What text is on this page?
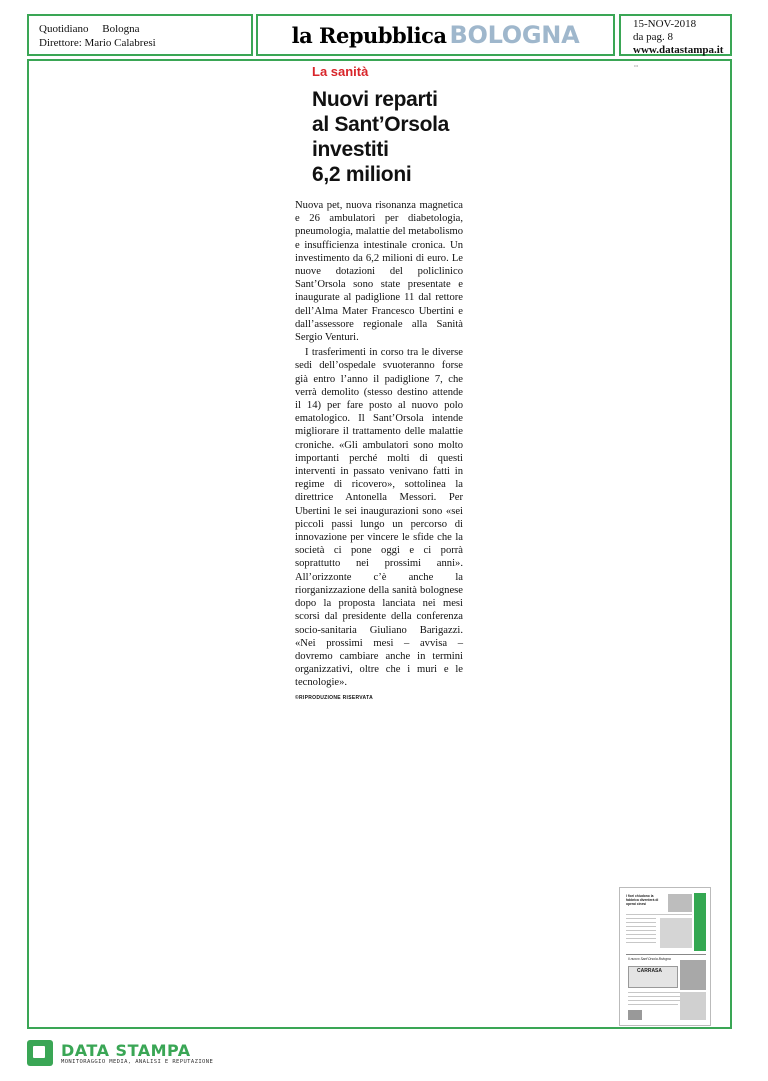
Quotidiano Bologna
Direttore: Mario Calabresi	la Repubblica BOLOGNA	15-NOV-2018
da pag. 8
www.datastampa.it
•••
La sanità
Nuovi reparti
al Sant’Orsola
investiti
6,2 milioni

Nuova pet, nuova risonanza magnetica e 26 ambulatori per diabetologia, pneumologia, malattie del metabolismo e insufficienza intestinale cronica. Un investimento da 6,2 milioni di euro. Le nuove dotazioni del policlinico Sant’Orsola sono state presentate e inaugurate al padiglione 11 dal rettore dell’Alma Mater Francesco Ubertini e dall’assessore regionale alla Sanità Sergio Venturi.

I trasferimenti in corso tra le diverse sedi dell’ospedale svuoteranno forse già entro l’anno il padiglione 7, che verrà demolito (stesso destino attende il 14) per fare posto al nuovo polo ematologico. Il Sant’Orsola intende migliorare il trattamento delle malattie croniche. «Gli ambulatori sono molto importanti perché molti di questi interventi in passato venivano fatti in regime di ricovero», sottolinea la direttrice Antonella Messori. Per Ubertini le sei inaugurazioni sono «sei piccoli passi lungo un percorso di innovazione per vincere le sfide che la società ci pone oggi e ci porrà soprattutto nei prossimi anni». All’orizzonte c’è anche la riorganizzazione della sanità bolognese dopo la proposta lanciata nei mesi scorsi dal presidente della conferenza socio-sanitaria Giuliano Barigazzi. «Nei prossimi mesi – avvisa – dovremo cambiare anche in termini organizzativi, oltre che i muri e le tecnologie».

©RIPRODUZIONE RISERVATA
I fiori chiudono la fabbrica diventerà di operai cinesi
Il nuovo Sant’Orsola Bologna
CARRASA
DATA STAMPA
MONITORAGGIO MEDIA, ANALISI E REPUTAZIONE
